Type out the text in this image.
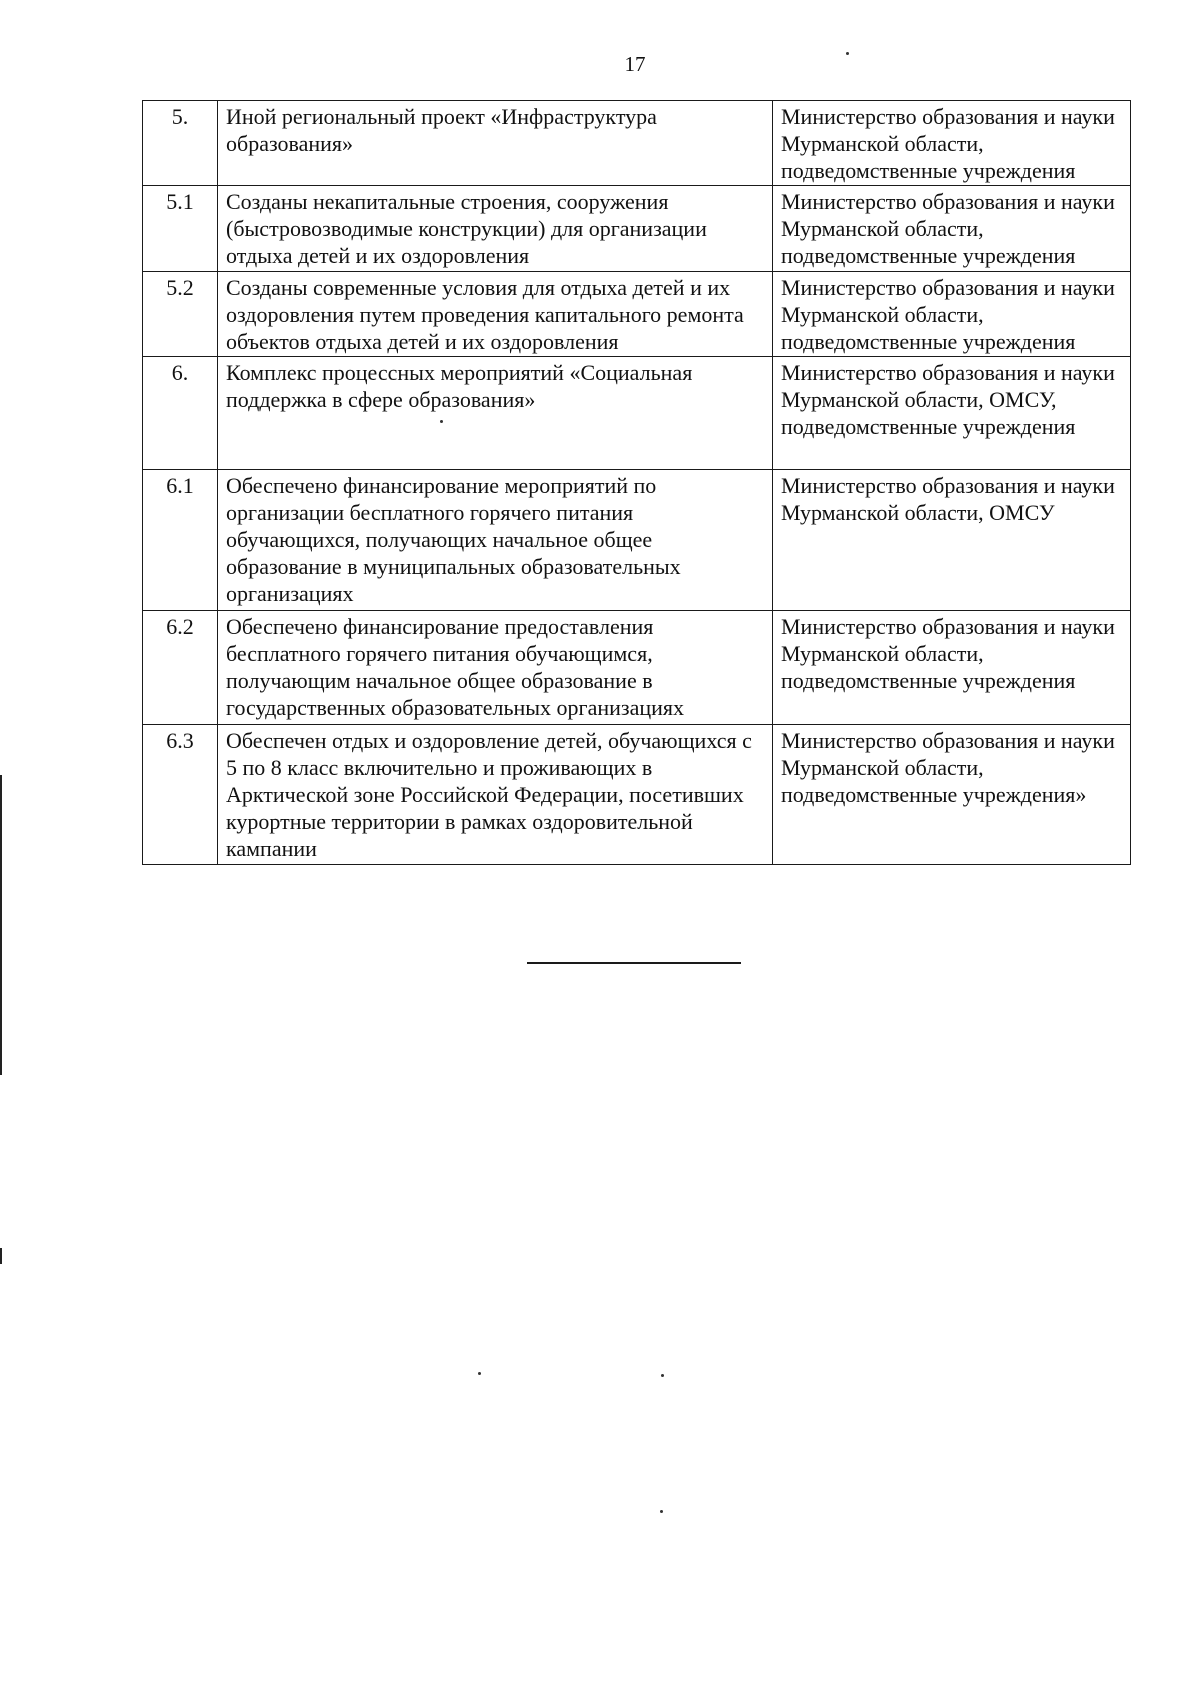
17
5.	Иной региональный проект «Инфраструктура образования»	Министерство образования и науки Мурманской области, подведомственные учреждения
5.1	Созданы некапитальные строения, сооружения (быстровозводимые конструкции) для организации отдыха детей и их оздоровления	Министерство образования и науки Мурманской области, подведомственные учреждения
5.2	Созданы современные условия для отдыха детей и их оздоровления путем проведения капитального ремонта объектов отдыха детей и их оздоровления	Министерство образования и науки Мурманской области, подведомственные учреждения
6.	Комплекс процессных мероприятий «Социальная поддержка в сфере образования»	Министерство образования и науки Мурманской области, ОМСУ, подведомственные учреждения
6.1	Обеспечено финансирование мероприятий по организации бесплатного горячего питания обучающихся, получающих начальное общее образование в муниципальных образовательных организациях	Министерство образования и науки Мурманской области, ОМСУ
6.2	Обеспечено финансирование предоставления бесплатного горячего питания обучающимся, получающим начальное общее образование в государственных образовательных организациях	Министерство образования и науки Мурманской области, подведомственные учреждения
6.3	Обеспечен отдых и оздоровление детей, обучающихся с 5 по 8 класс включительно и проживающих в Арктической зоне Российской Федерации, посетивших курортные территории в рамках оздоровительной кампании	Министерство образования и науки Мурманской области, подведомственные учреждения»
